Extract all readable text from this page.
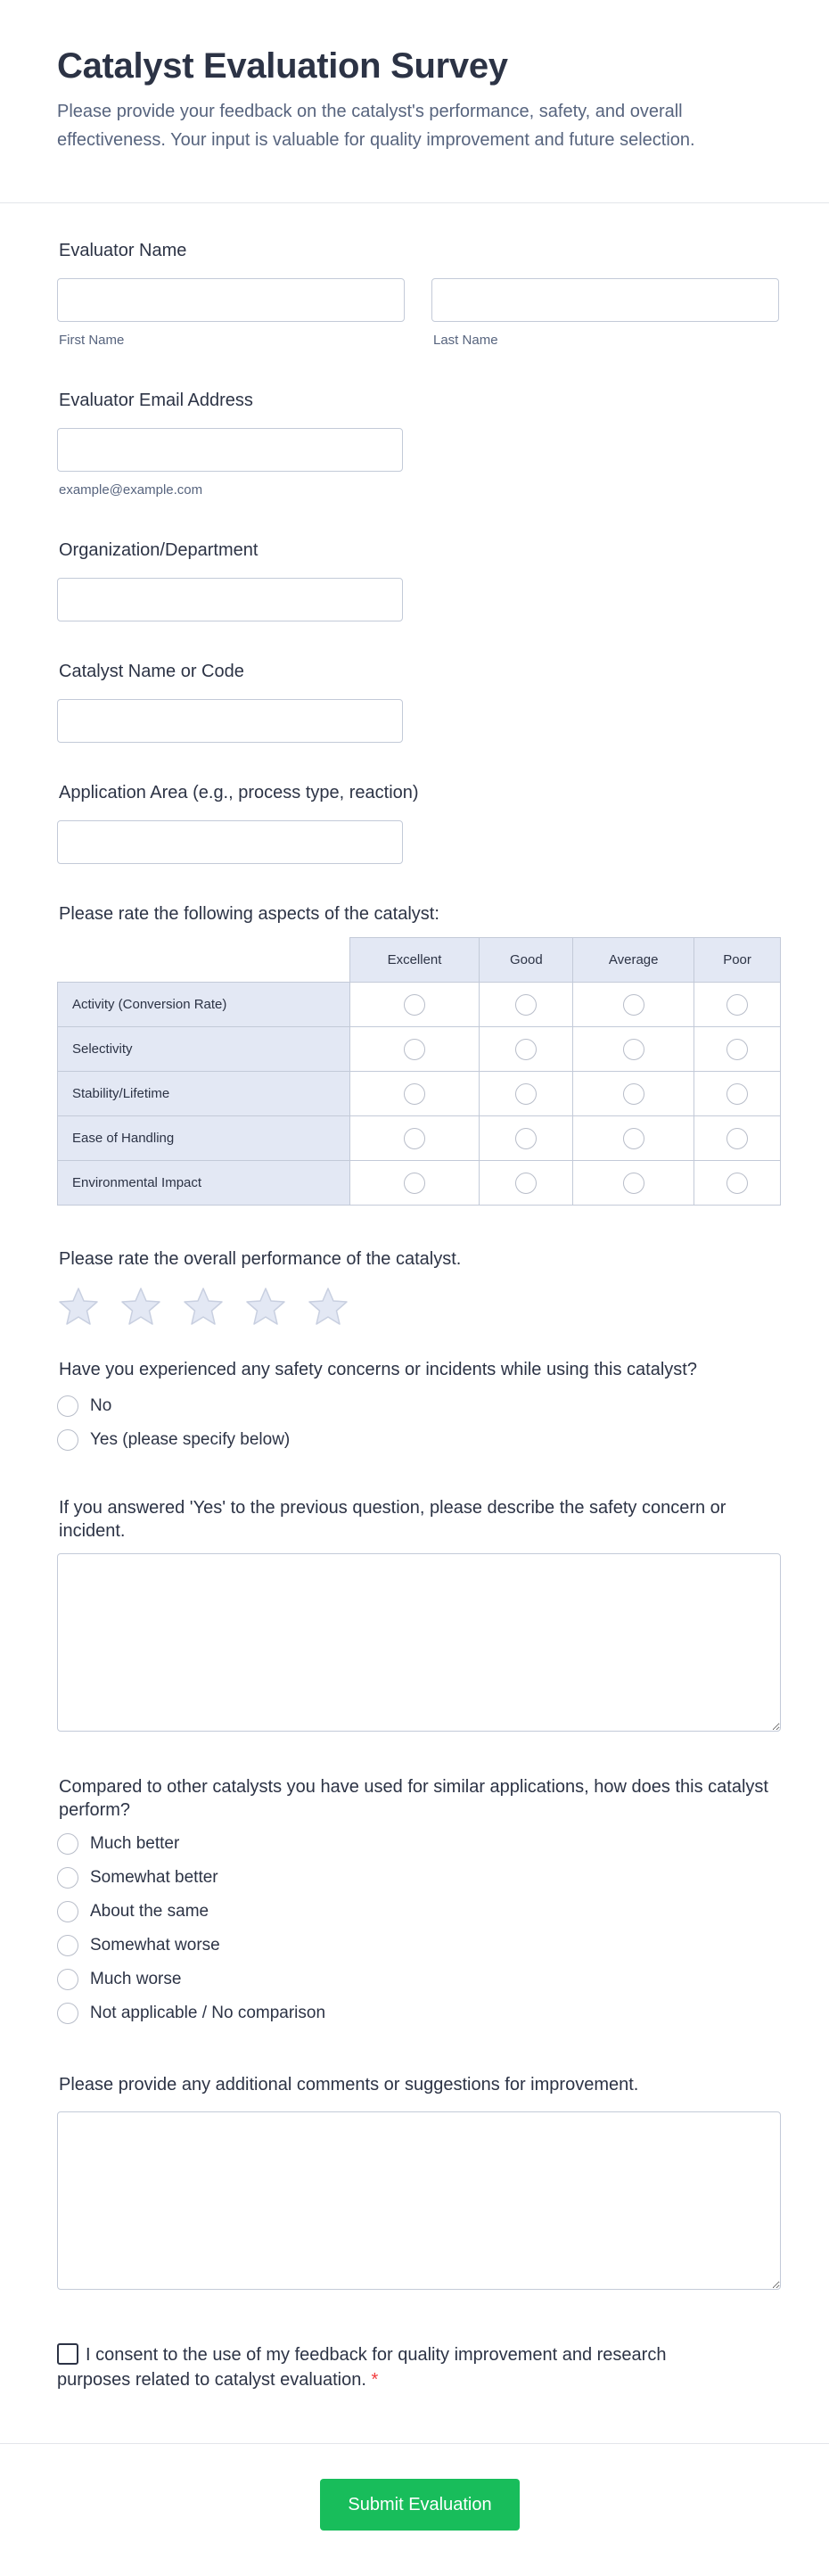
Catalyst Evaluation Survey

Please provide your feedback on the catalyst's performance, safety, and overall effectiveness. Your input is valuable for quality improvement and future selection.

Evaluator Name
First Name	Last Name
Evaluator Email Address
example@example.com
Organization/Department
Catalyst Name or Code
Application Area (e.g., process type, reaction)
Please rate the following aspects of the catalyst:
	Excellent	Good	Average	Poor
Activity (Conversion Rate)				
Selectivity				
Stability/Lifetime				
Ease of Handling				
Environmental Impact				
Please rate the overall performance of the catalyst.
Have you experienced any safety concerns or incidents while using this catalyst?
No
Yes (please specify below)
If you answered 'Yes' to the previous question, please describe the safety concern or incident.
Compared to other catalysts you have used for similar applications, how does this catalyst perform?
Much better
Somewhat better
About the same
Somewhat worse
Much worse
Not applicable / No comparison
Please provide any additional comments or suggestions for improvement.
I consent to the use of my feedback for quality improvement and research purposes related to catalyst evaluation. *
Submit Evaluation
